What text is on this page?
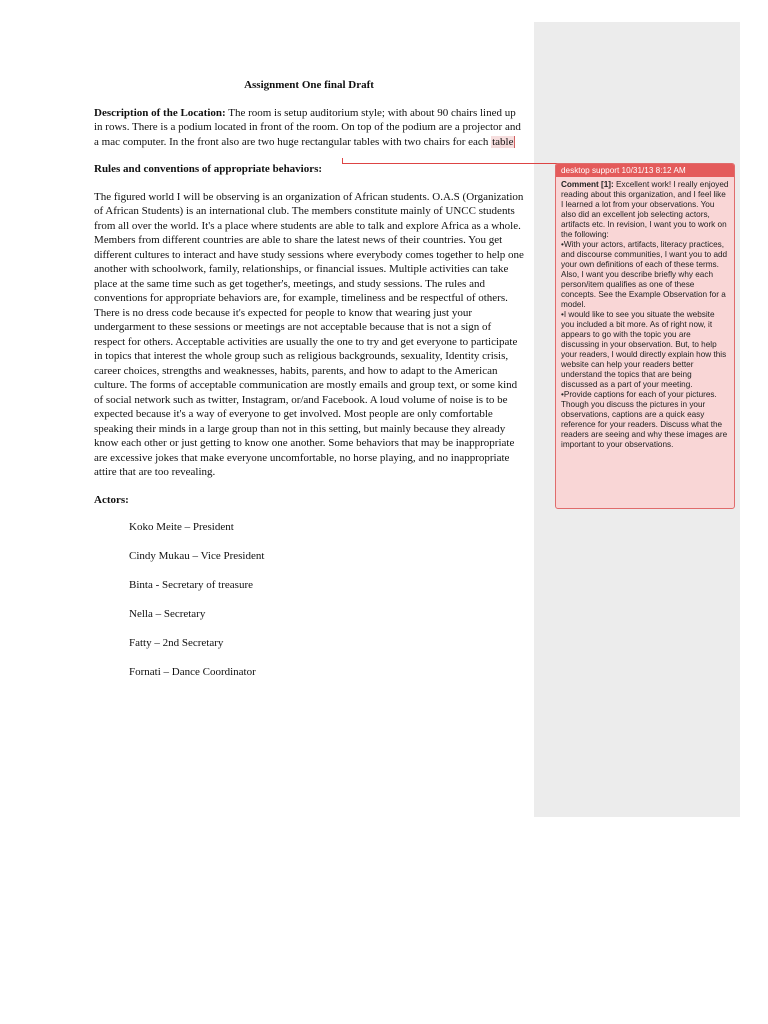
Assignment One final Draft

Description of the Location: The room is setup auditorium style; with about 90 chairs lined up in rows. There is a podium located in front of the room. On top of the podium are a projector and a mac computer. In the front also are two huge rectangular tables with two chairs for each table

Rules and conventions of appropriate behaviors:

The figured world I will be observing is an organization of African students. O.A.S (Organization of African Students) is an international club. The members constitute mainly of UNCC students from all over the world. It's a place where students are able to talk and explore Africa as a whole. Members from different countries are able to share the latest news of their countries. You get different cultures to interact and have study sessions where everybody comes together to help one another with schoolwork, family, relationships, or financial issues. Multiple activities can take place at the same time such as get together's, meetings, and study sessions. The rules and conventions for appropriate behaviors are, for example, timeliness and be respectful of others. There is no dress code because it's expected for people to know that wearing just your undergarment to these sessions or meetings are not acceptable because that is not a sign of respect for others. Acceptable activities are usually the one to try and get everyone to participate in topics that interest the whole group such as religious backgrounds, sexuality, Identity crisis, career choices, strengths and weaknesses, habits, parents, and how to adapt to the American culture. The forms of acceptable communication are mostly emails and group text, or some kind of social network such as twitter, Instagram, or/and Facebook. A loud volume of noise is to be expected because it's a way of everyone to get involved. Most people are only comfortable speaking their minds in a large group than not in this setting, but mainly because they already know each other or just getting to know one another. Some behaviors that may be inappropriate are excessive jokes that make everyone uncomfortable, no horse playing, and no inappropriate attire that are too revealing.

Actors:

Koko Meite – President
Cindy Mukau – Vice President
Binta - Secretary of treasure
Nella – Secretary
Fatty – 2nd Secretary
Fornati – Dance Coordinator
desktop support 10/31/13 8:12 AM

Comment [1]: Excellent work! I really enjoyed reading about this organization, and I feel like I learned a lot from your observations. You also did an excellent job selecting actors, artifacts etc. In revision, I want you to work on the following:

•With your actors, artifacts, literacy practices, and discourse communities, I want you to add your own definitions of each of these terms. Also, I want you describe briefly why each person/item qualifies as one of these concepts. See the Example Observation for a model.

•I would like to see you situate the website you included a bit more. As of right now, it appears to go with the topic you are discussing in your observation. But, to help your readers, I would directly explain how this website can help your readers better understand the topics that are being discussed as a part of your meeting.

•Provide captions for each of your pictures. Though you discuss the pictures in your observations, captions are a quick easy reference for your readers. Discuss what the readers are seeing and why these images are important to your observations.
